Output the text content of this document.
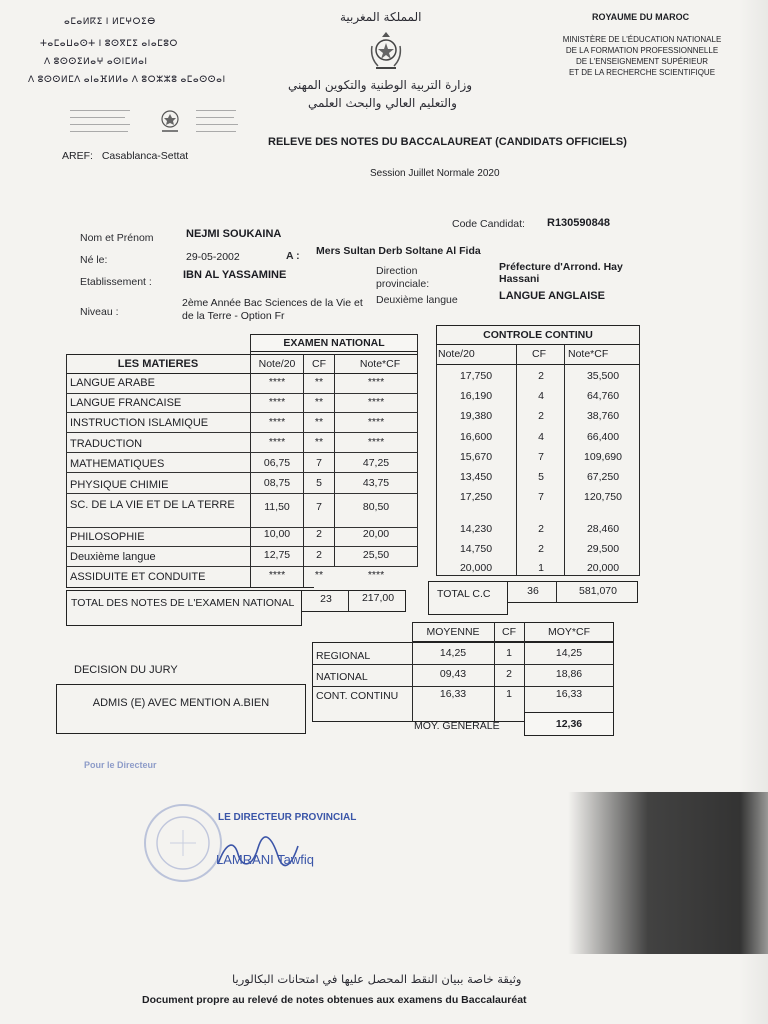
ⴰⵎⴰⵍⴽⵉ ⵏ ⵍⵎⵖⵔⵉⴱ
ⵜⴰⵎⴰⵡⴰⵙⵜ ⵏ ⵓⵙⴳⵎⵉ ⴰⵏⴰⵎⵓⵔ
ⴷ ⵓⵙⵙⵉⵍⴰⵖ ⴰⵙⵏⵎⵍⴰⵏ
ⴷ ⵓⵙⵙⵍⵎⴷ ⴰⵏⴰⴼⵍⵍⴰ ⴷ ⵓⵔⵣⵣⵓ ⴰⵎⴰⵙⵙⴰⵏ
المملكة المغربية
وزارة التربية الوطنية والتكوين المهني
والتعليم العالي والبحث العلمي
ROYAUME DU MAROC
MINISTÈRE DE L'ÉDUCATION NATIONALE
DE LA FORMATION PROFESSIONNELLE
DE L'ENSEIGNEMENT SUPÉRIEUR
ET DE LA RECHERCHE SCIENTIFIQUE
AREF: Casablanca-Settat
RELEVE DES NOTES DU BACCALAUREAT (CANDIDATS OFFICIELS)
Session Juillet Normale 2020
Code Candidat: R130590848
Nom et Prénom	NEJMI SOUKAINA
Né le:	29-05-2002	A : Mers Sultan Derb Soltane Al Fida
Etablissement :
IBN AL YASSAMINE	Direction provinciale:
Préfecture d'Arrond. Hay Hassani
Niveau :
2ème Année Bac Sciences de la Vie et de la Terre - Option Fr
Deuxième langue	LANGUE ANGLAISE
EXAMEN NATIONAL
LES MATIERES	Note/20	CF	Note*CF
LANGUE ARABE	****	**	****
LANGUE FRANCAISE	****	**	****
INSTRUCTION ISLAMIQUE	****	**	****
TRADUCTION	****	**	****
MATHEMATIQUES	06,75	7	47,25
PHYSIQUE CHIMIE	08,75	5	43,75
SC. DE LA VIE ET DE LA TERRE	11,50	7	80,50
PHILOSOPHIE	10,00	2	20,00
Deuxième langue	12,75	2	25,50
ASSIDUITE ET CONDUITE	****	**	****
TOTAL DES NOTES DE L'EXAMEN NATIONAL	23	217,00
CONTROLE CONTINU
Note/20	CF	Note*CF
17,750	2	35,500
16,190	4	64,760
19,380	2	38,760
16,600	4	66,400
15,670	7	109,690
13,450	5	67,250
17,250	7	120,750
14,230	2	28,460
14,750	2	29,500
20,000	1	20,000
TOTAL C.C	36	581,070
MOYENNE	CF	MOY*CF
REGIONAL	14,25	1	14,25
NATIONAL	09,43	2	18,86
CONT. CONTINU	16,33	1	16,33
MOY. GENERALE	12,36
DECISION DU JURY
ADMIS (E) AVEC MENTION A.BIEN
Pour le Directeur
LE DIRECTEUR PROVINCIAL
LAMRANI Tawfiq
وثيقة خاصة ببيان النقط المحصل عليها في امتحانات البكالوريا
Document propre au relevé de notes obtenues aux examens du Baccalauréat
